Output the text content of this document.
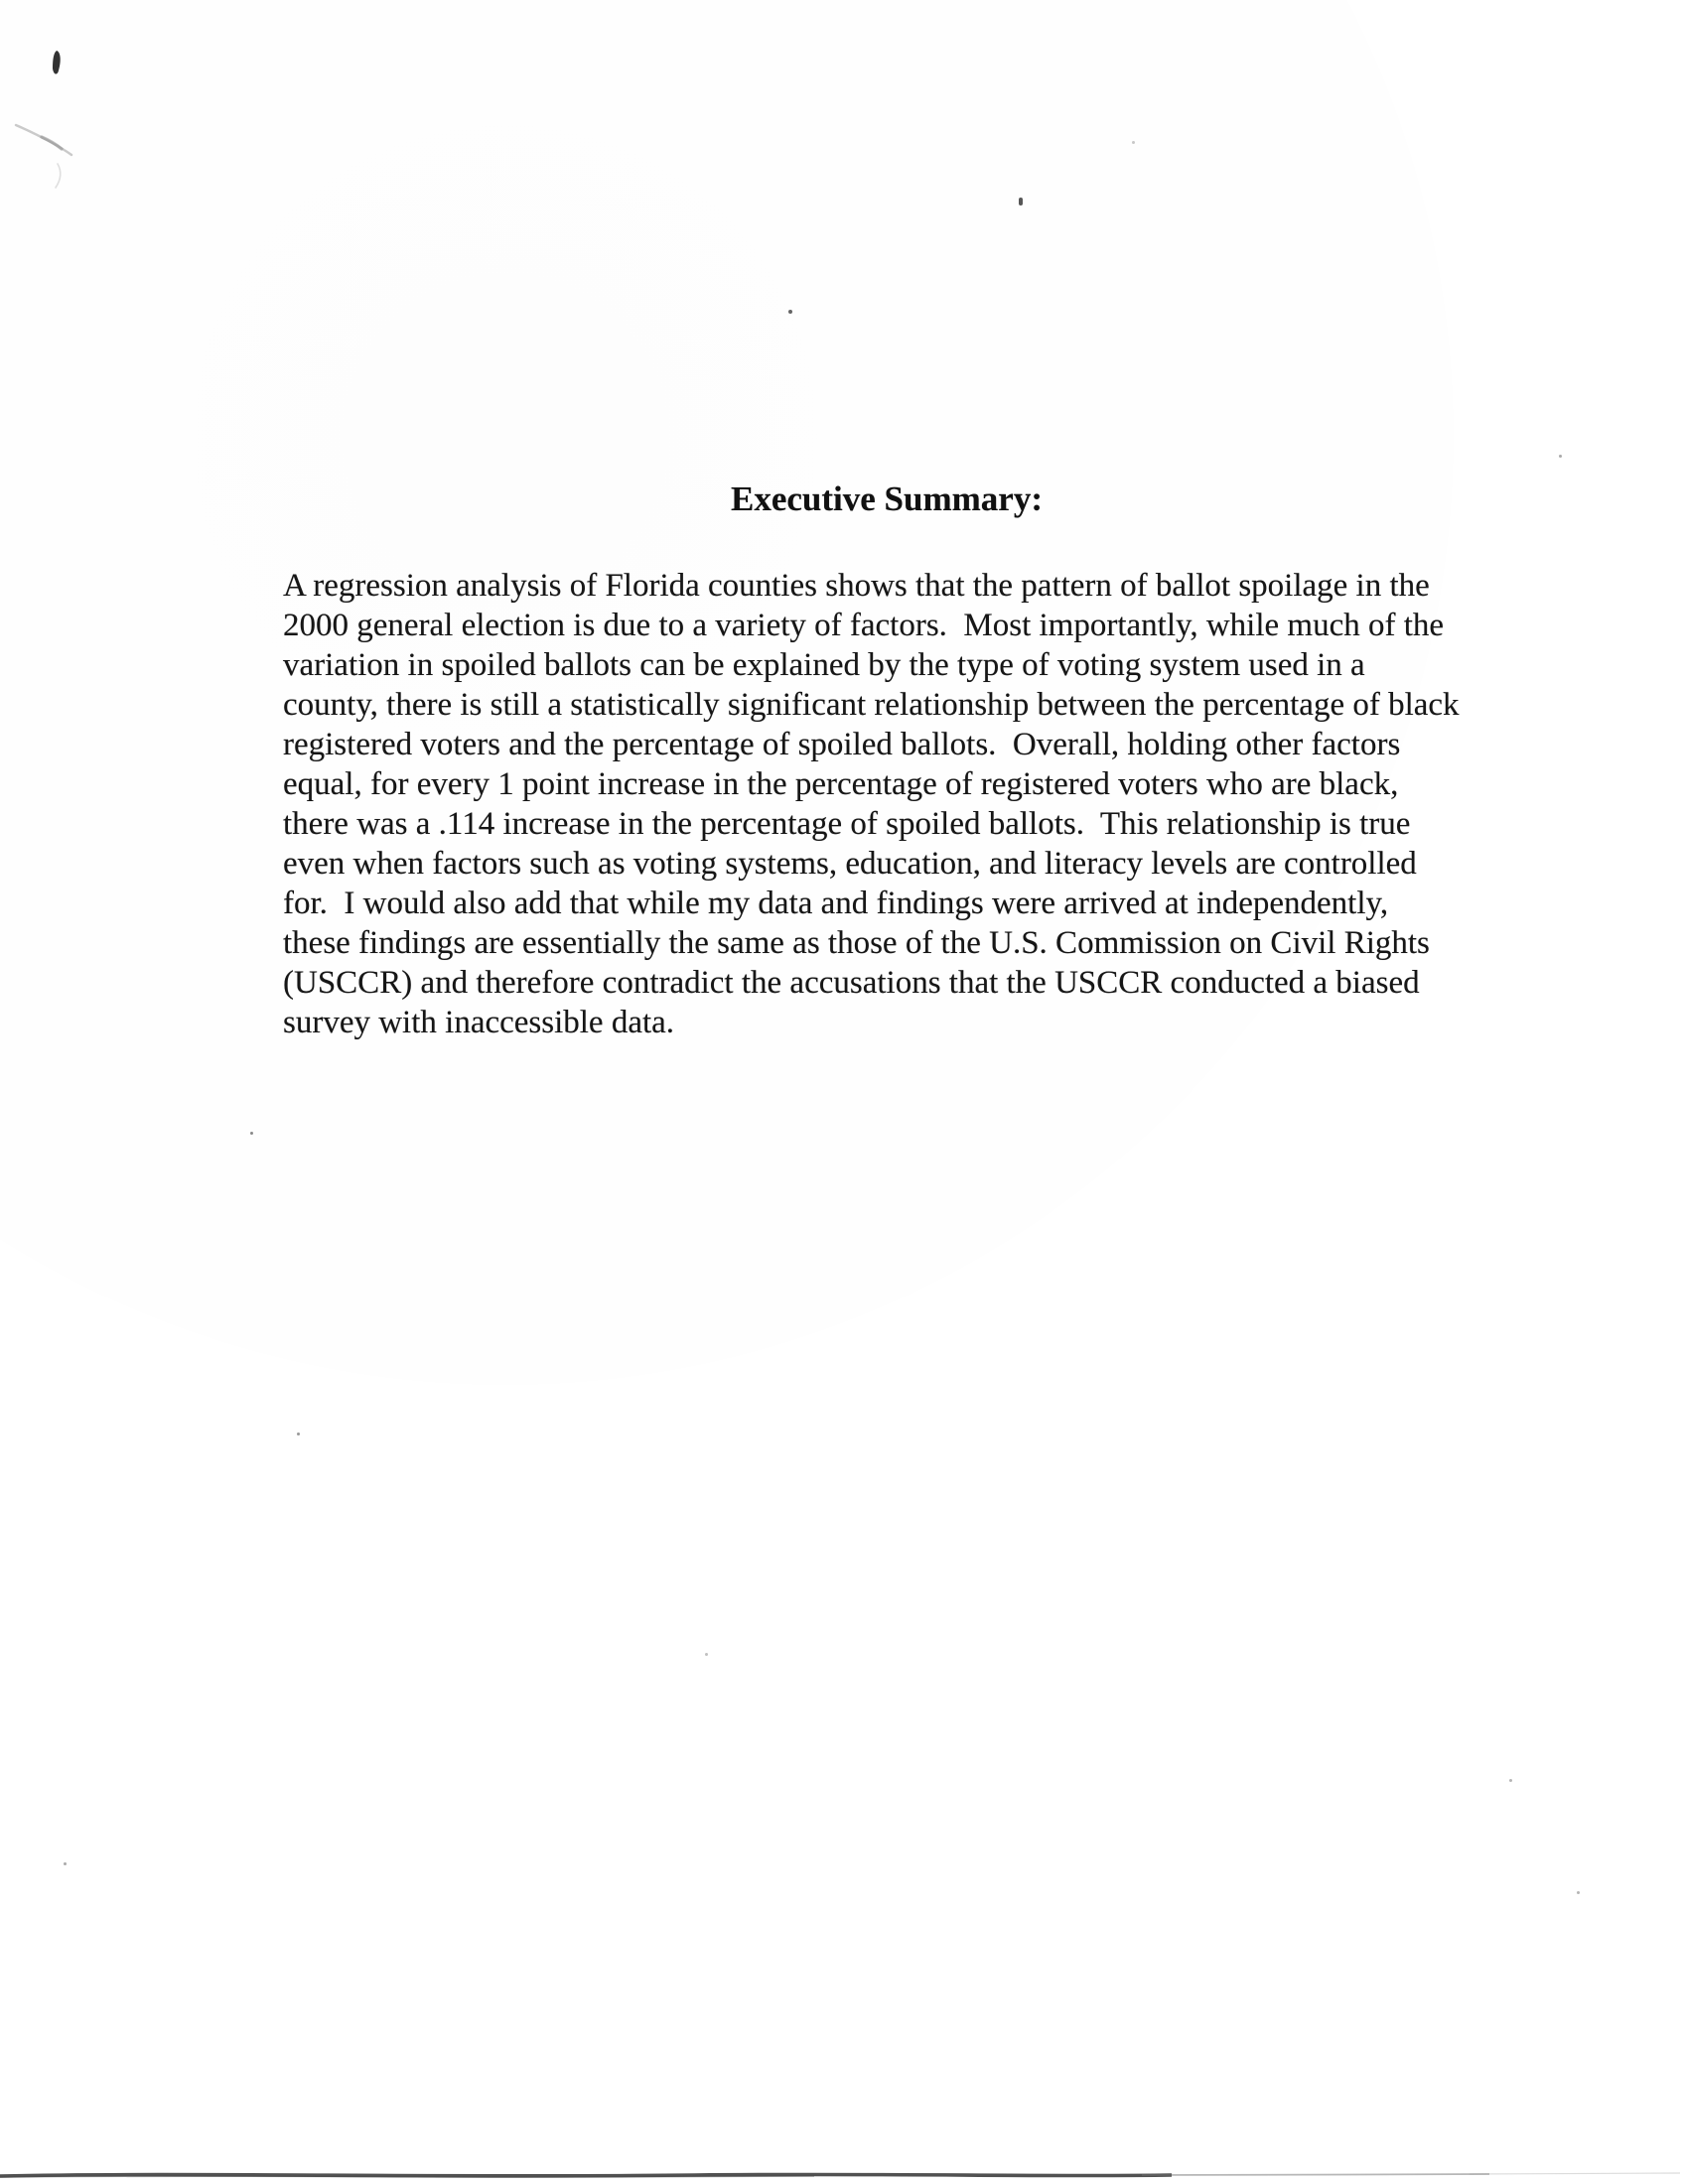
Executive Summary:
A regression analysis of Florida counties shows that the pattern of ballot spoilage in the
2000 general election is due to a variety of factors.  Most importantly, while much of the
variation in spoiled ballots can be explained by the type of voting system used in a
county, there is still a statistically significant relationship between the percentage of black
registered voters and the percentage of spoiled ballots.  Overall, holding other factors
equal, for every 1 point increase in the percentage of registered voters who are black,
there was a .114 increase in the percentage of spoiled ballots.  This relationship is true
even when factors such as voting systems, education, and literacy levels are controlled
for.  I would also add that while my data and findings were arrived at independently,
these findings are essentially the same as those of the U.S. Commission on Civil Rights
(USCCR) and therefore contradict the accusations that the USCCR conducted a biased
survey with inaccessible data.
